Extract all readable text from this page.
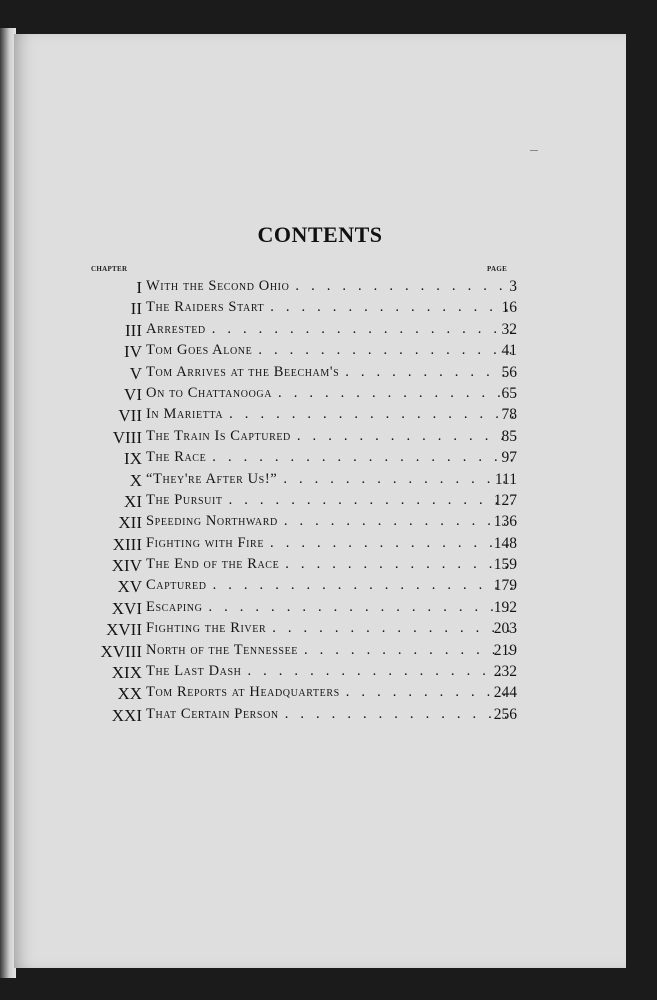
CONTENTS
CHAPTER	PAGE
I With the Second Ohio . . .	3
II The Raiders Start . . .	16
III Arrested . . .	32
IV Tom Goes Alone . . .	41
V Tom Arrives at the Beecham's . . .	56
VI On to Chattanooga . . .	65
VII In Marietta . . .	78
VIII The Train Is Captured . . .	85
IX The Race . . .	97
X “They're After Us!” . . .	111
XI The Pursuit . . .	127
XII Speeding Northward . . .	136
XIII Fighting with Fire . . .	148
XIV The End of the Race . . .	159
XV Captured . . .	179
XVI Escaping . . .	192
XVII Fighting the River . . .	203
XVIII North of the Tennessee . . .	219
XIX The Last Dash . . .	232
XX Tom Reports at Headquarters . . .	244
XXI That Certain Person . . .	256
